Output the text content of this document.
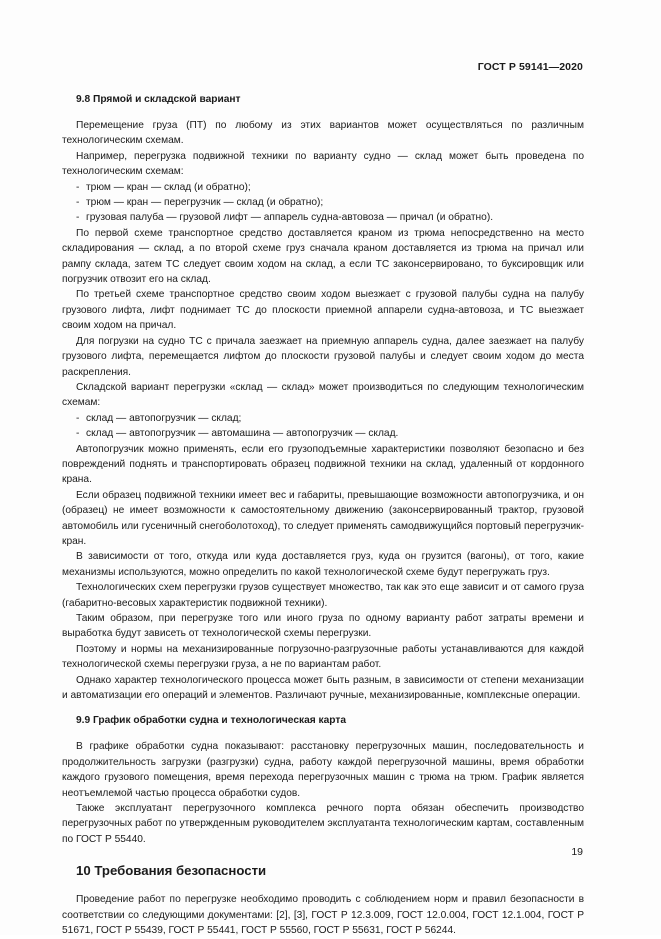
ГОСТ Р 59141—2020
9.8 Прямой и складской вариант

Перемещение груза (ПТ) по любому из этих вариантов может осуществляться по различным технологическим схемам.

Например, перегрузка подвижной техники по варианту судно — склад может быть проведена по технологическим схемам:

- трюм — кран — склад (и обратно);
- трюм — кран — перегрузчик — склад (и обратно);
- грузовая палуба — грузовой лифт — аппарель судна-автовоза — причал (и обратно).

По первой схеме транспортное средство доставляется краном из трюма непосредственно на место складирования — склад, а по второй схеме груз сначала краном доставляется из трюма на причал или рампу склада, затем ТС следует своим ходом на склад, а если ТС законсервировано, то буксировщик или погрузчик отвозит его на склад.

По третьей схеме транспортное средство своим ходом выезжает с грузовой палубы судна на палубу грузового лифта, лифт поднимает ТС до плоскости приемной аппарели судна-автовоза, и ТС выезжает своим ходом на причал.

Для погрузки на судно ТС с причала заезжает на приемную аппарель судна, далее заезжает на палубу грузового лифта, перемещается лифтом до плоскости грузовой палубы и следует своим ходом до места раскрепления.

Складской вариант перегрузки «склад — склад» может производиться по следующим технологическим схемам:

- склад — автопогрузчик — склад;
- склад — автопогрузчик — автомашина — автопогрузчик — склад.

Автопогрузчик можно применять, если его грузоподъемные характеристики позволяют безопасно и без повреждений поднять и транспортировать образец подвижной техники на склад, удаленный от кордонного крана.

Если образец подвижной техники имеет вес и габариты, превышающие возможности автопогрузчика, и он (образец) не имеет возможности к самостоятельному движению (законсервированный трактор, грузовой автомобиль или гусеничный снегоболотоход), то следует применять самодвижущийся портовый перегрузчик-кран.

В зависимости от того, откуда или куда доставляется груз, куда он грузится (вагоны), от того, какие механизмы используются, можно определить по какой технологической схеме будут перегружать груз.

Технологических схем перегрузки грузов существует множество, так как это еще зависит и от самого груза (габаритно-весовых характеристик подвижной техники).

Таким образом, при перегрузке того или иного груза по одному варианту работ затраты времени и выработка будут зависеть от технологической схемы перегрузки.

Поэтому и нормы на механизированные погрузочно-разгрузочные работы устанавливаются для каждой технологической схемы перегрузки груза, а не по вариантам работ.

Однако характер технологического процесса может быть разным, в зависимости от степени механизации и автоматизации его операций и элементов. Различают ручные, механизированные, комплексные операции.

9.9 График обработки судна и технологическая карта

В графике обработки судна показывают: расстановку перегрузочных машин, последовательность и продолжительность загрузки (разгрузки) судна, работу каждой перегрузочной машины, время обработки каждого грузового помещения, время перехода перегрузочных машин с трюма на трюм. График является неотъемлемой частью процесса обработки судов.

Также эксплуатант перегрузочного комплекса речного порта обязан обеспечить производство перегрузочных работ по утвержденным руководителем эксплуатанта технологическим картам, составленным по ГОСТ Р 55440.

10 Требования безопасности

Проведение работ по перегрузке необходимо проводить с соблюдением норм и правил безопасности в соответствии со следующими документами: [2], [3], ГОСТ Р 12.3.009, ГОСТ 12.0.004, ГОСТ 12.1.004, ГОСТ Р 51671, ГОСТ Р 55439, ГОСТ Р 55441, ГОСТ Р 55560, ГОСТ Р 55631, ГОСТ Р 56244.

19
